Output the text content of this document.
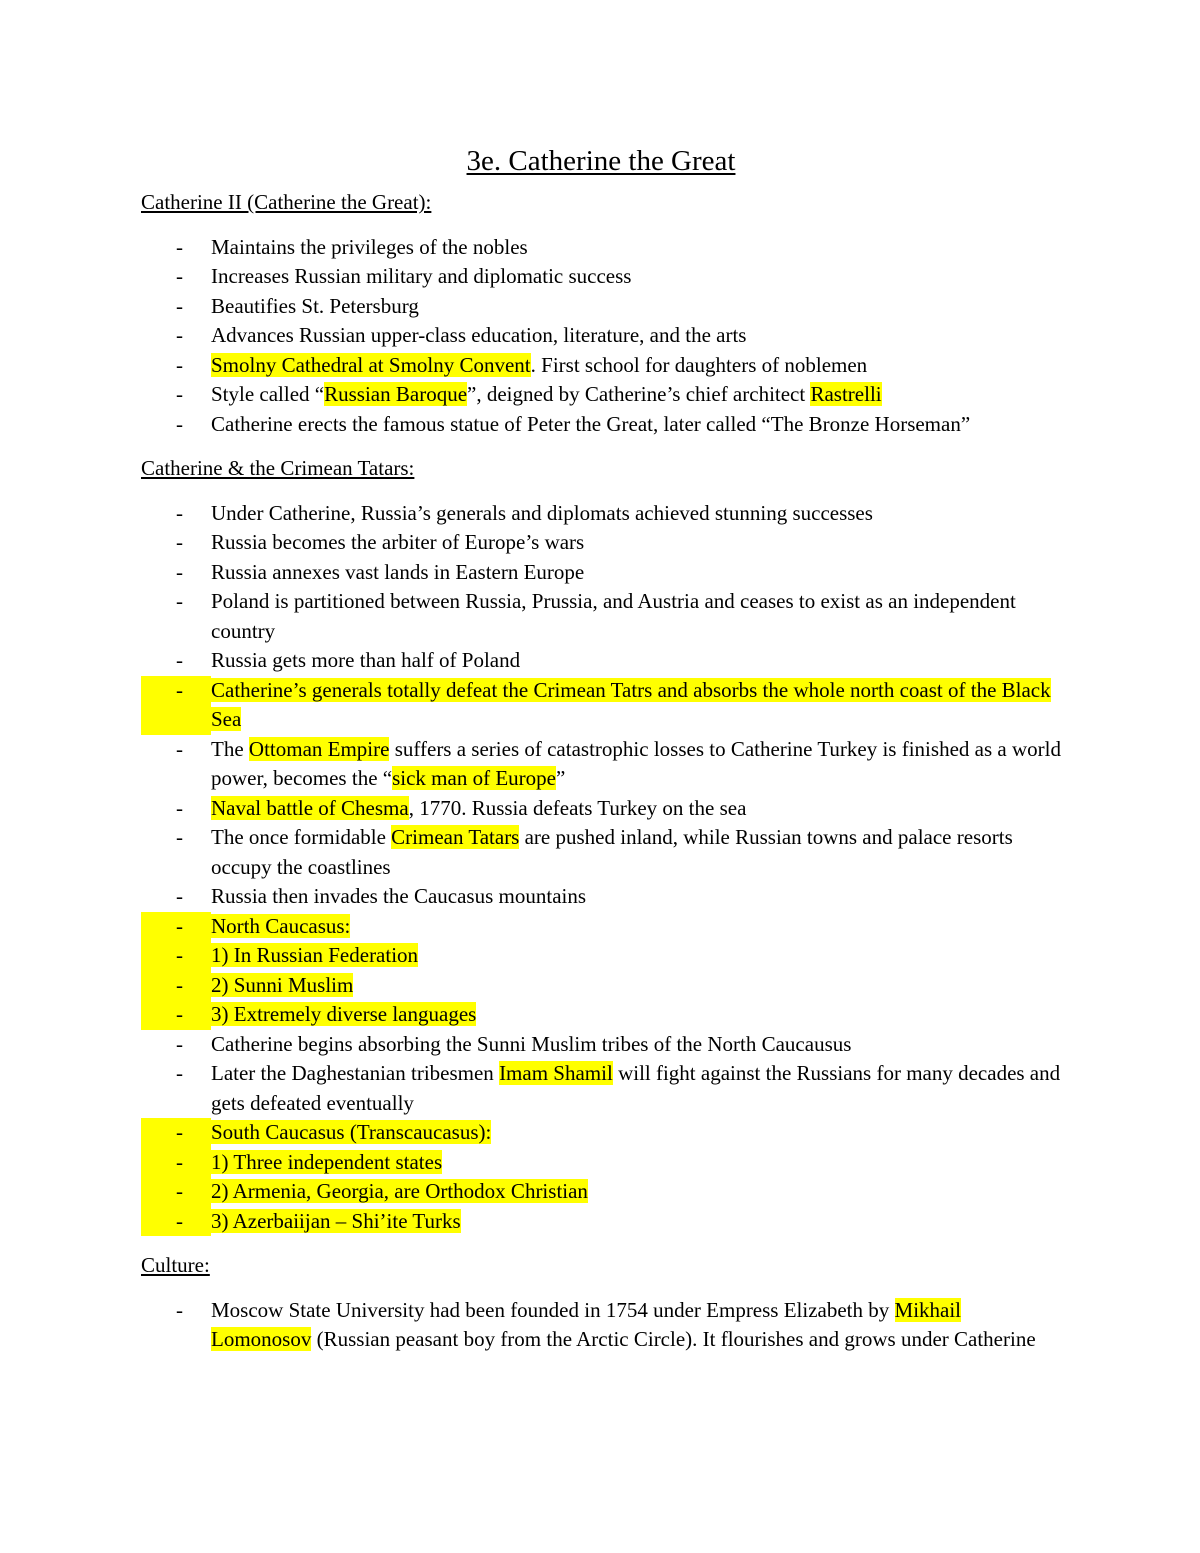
3e. Catherine the Great
Catherine II (Catherine the Great):
-	Maintains the privileges of the nobles
-	Increases Russian military and diplomatic success
-	Beautifies St. Petersburg
-	Advances Russian upper-class education, literature, and the arts
-	Smolny Cathedral at Smolny Convent. First school for daughters of noblemen
-	Style called “Russian Baroque”, deigned by Catherine’s chief architect Rastrelli
-	Catherine erects the famous statue of Peter the Great, later called “The Bronze Horseman”
Catherine & the Crimean Tatars:
-	Under Catherine, Russia’s generals and diplomats achieved stunning successes
-	Russia becomes the arbiter of Europe’s wars
-	Russia annexes vast lands in Eastern Europe
-	Poland is partitioned between Russia, Prussia, and Austria and ceases to exist as an independent country
-	Russia gets more than half of Poland
-	Catherine’s generals totally defeat the Crimean Tatrs and absorbs the whole north coast of the Black Sea
-	The Ottoman Empire suffers a series of catastrophic losses to Catherine Turkey is finished as a world power, becomes the “sick man of Europe”
-	Naval battle of Chesma, 1770. Russia defeats Turkey on the sea
-	The once formidable Crimean Tatars are pushed inland, while Russian towns and palace resorts occupy the coastlines
-	Russia then invades the Caucasus mountains
-	North Caucasus:
-	1) In Russian Federation
-	2) Sunni Muslim
-	3) Extremely diverse languages
-	Catherine begins absorbing the Sunni Muslim tribes of the North Caucausus
-	Later the Daghestanian tribesmen Imam Shamil will fight against the Russians for many decades and gets defeated eventually
-	South Caucasus (Transcaucasus):
-	1) Three independent states
-	2) Armenia, Georgia, are Orthodox Christian
-	3) Azerbaiijan – Shi’ite Turks
Culture:
-	Moscow State University had been founded in 1754 under Empress Elizabeth by Mikhail Lomonosov (Russian peasant boy from the Arctic Circle). It flourishes and grows under Catherine
